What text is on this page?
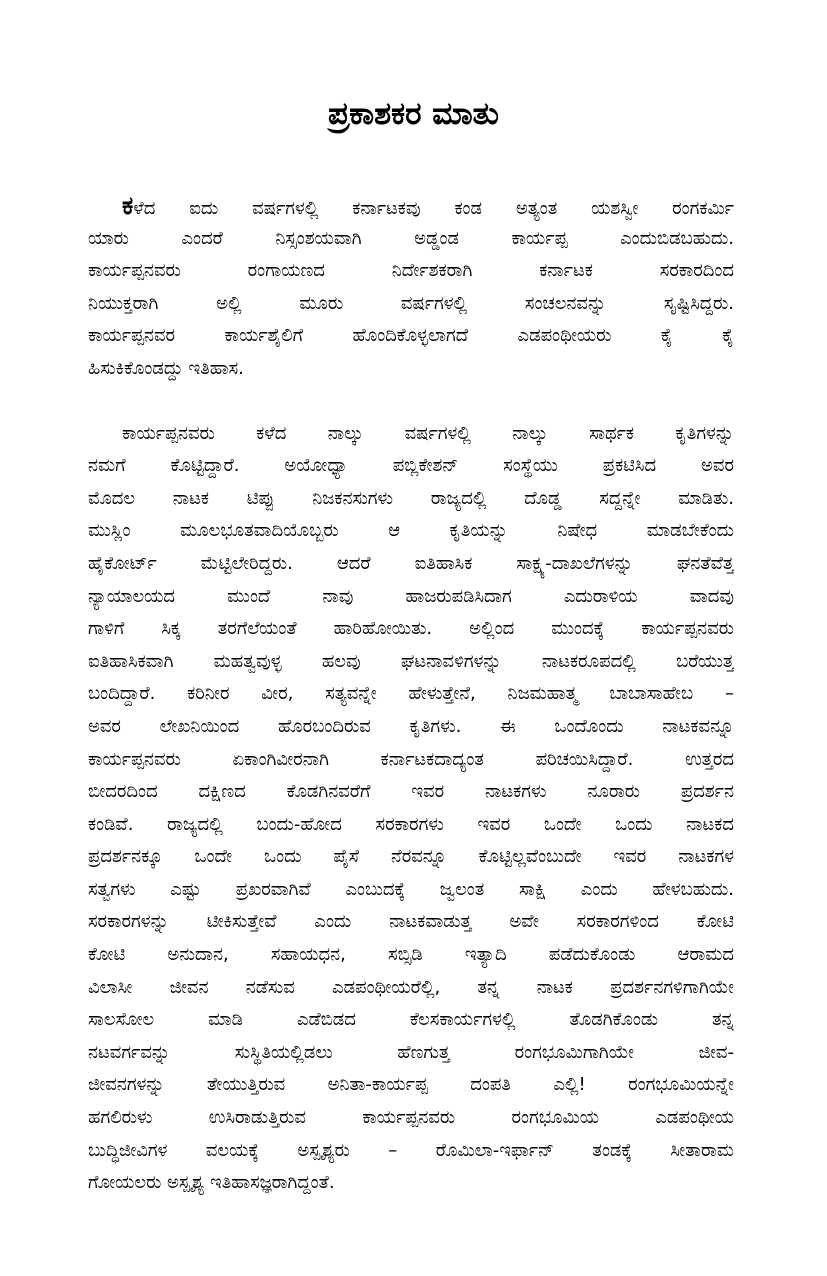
ಪ್ರಕಾಶಕರ ಮಾತು
ಕಳೆದ ಐದು ವರ್ಷಗಳಲ್ಲಿ ಕರ್ನಾಟಕವು ಕಂಡ ಅತ್ಯಂತ ಯಶಸ್ವೀ ರಂಗಕರ್ಮಿ
ಯಾರು ಎಂದರೆ ನಿಸ್ಸಂಶಯವಾಗಿ ಅಡ್ಡಂಡ ಕಾರ್ಯಪ್ಪ ಎಂದುಬಿಡಬಹುದು.
ಕಾರ್ಯಪ್ಪನವರು ರಂಗಾಯಣದ ನಿರ್ದೇಶಕರಾಗಿ ಕರ್ನಾಟಕ ಸರಕಾರದಿಂದ
ನಿಯುಕ್ತರಾಗಿ ಅಲ್ಲಿ ಮೂರು ವರ್ಷಗಳಲ್ಲಿ ಸಂಚಲನವನ್ನು ಸೃಷ್ಟಿಸಿದ್ದರು.
ಕಾರ್ಯಪ್ಪನವರ ಕಾರ್ಯಶೈಲಿಗೆ ಹೊಂದಿಕೊಳ್ಳಲಾಗದೆ ಎಡಪಂಥೀಯರು ಕೈ ಕೈ
ಹಿಸುಕಿಕೊಂಡದ್ದು ಇತಿಹಾಸ.
ಕಾರ್ಯಪ್ಪನವರು ಕಳೆದ ನಾಲ್ಕು ವರ್ಷಗಳಲ್ಲಿ ನಾಲ್ಕು ಸಾರ್ಥಕ ಕೃತಿಗಳನ್ನು
ನಮಗೆ ಕೊಟ್ಟಿದ್ದಾರೆ. ಅಯೋಧ್ಯಾ ಪಬ್ಲಿಕೇಶನ್ ಸಂಸ್ಥೆಯು ಪ್ರಕಟಿಸಿದ ಅವರ
ಮೊದಲ ನಾಟಕ ಟಿಪ್ಪು ನಿಜಕನಸುಗಳು ರಾಜ್ಯದಲ್ಲಿ ದೊಡ್ಡ ಸದ್ದನ್ನೇ ಮಾಡಿತು.
ಮುಸ್ಲಿಂ ಮೂಲಭೂತವಾದಿಯೊಬ್ಬರು ಆ ಕೃತಿಯನ್ನು ನಿಷೇಧ ಮಾಡಬೇಕೆಂದು
ಹೈಕೋರ್ಟ್ ಮೆಟ್ಟಿಲೇರಿದ್ದರು. ಆದರೆ ಐತಿಹಾಸಿಕ ಸಾಕ್ಷ್ಯ-ದಾಖಲೆಗಳನ್ನು ಘನತೆವೆತ್ತ
ನ್ಯಾಯಾಲಯದ ಮುಂದೆ ನಾವು ಹಾಜರುಪಡಿಸಿದಾಗ ಎದುರಾಳಿಯ ವಾದವು
ಗಾಳಿಗೆ ಸಿಕ್ಕ ತರಗೆಲೆಯಂತೆ ಹಾರಿಹೋಯಿತು. ಅಲ್ಲಿಂದ ಮುಂದಕ್ಕೆ ಕಾರ್ಯಪ್ಪನವರು
ಐತಿಹಾಸಿಕವಾಗಿ ಮಹತ್ವವುಳ್ಳ ಹಲವು ಘಟನಾವಳಿಗಳನ್ನು ನಾಟಕರೂಪದಲ್ಲಿ ಬರೆಯುತ್ತ
ಬಂದಿದ್ದಾರೆ. ಕರಿನೀರ ವೀರ, ಸತ್ಯವನ್ನೇ ಹೇಳುತ್ತೇನೆ, ನಿಜಮಹಾತ್ಮ ಬಾಬಾಸಾಹೇಬ –
ಅವರ ಲೇಖನಿಯಿಂದ ಹೊರಬಂದಿರುವ ಕೃತಿಗಳು. ಈ ಒಂದೊಂದು ನಾಟಕವನ್ನೂ
ಕಾರ್ಯಪ್ಪನವರು ಏಕಾಂಗಿವೀರನಾಗಿ ಕರ್ನಾಟಕದಾದ್ಯಂತ ಪರಿಚಯಿಸಿದ್ದಾರೆ. ಉತ್ತರದ
ಬೀದರದಿಂದ ದಕ್ಷಿಣದ ಕೊಡಗಿನವರೆಗೆ ಇವರ ನಾಟಕಗಳು ನೂರಾರು ಪ್ರದರ್ಶನ
ಕಂಡಿವೆ. ರಾಜ್ಯದಲ್ಲಿ ಬಂದು-ಹೋದ ಸರಕಾರಗಳು ಇವರ ಒಂದೇ ಒಂದು ನಾಟಕದ
ಪ್ರದರ್ಶನಕ್ಕೂ ಒಂದೇ ಒಂದು ಪೈಸೆ ನೆರವನ್ನೂ ಕೊಟ್ಟಿಲ್ಲವೆಂಬುದೇ ಇವರ ನಾಟಕಗಳ
ಸತ್ವಗಳು ಎಷ್ಟು ಪ್ರಖರವಾಗಿವೆ ಎಂಬುದಕ್ಕೆ ಜ್ವಲಂತ ಸಾಕ್ಷಿ ಎಂದು ಹೇಳಬಹುದು.
ಸರಕಾರಗಳನ್ನು ಟೀಕಿಸುತ್ತೇವೆ ಎಂದು ನಾಟಕವಾಡುತ್ತ ಅವೇ ಸರಕಾರಗಳಿಂದ ಕೋಟಿ
ಕೋಟಿ ಅನುದಾನ, ಸಹಾಯಧನ, ಸಬ್ಸಿಡಿ ಇತ್ಯಾದಿ ಪಡೆದುಕೊಂಡು ಆರಾಮದ
ವಿಲಾಸೀ ಜೀವನ ನಡೆಸುವ ಎಡಪಂಥೀಯರೆಲ್ಲಿ, ತನ್ನ ನಾಟಕ ಪ್ರದರ್ಶನಗಳಿಗಾಗಿಯೇ
ಸಾಲಸೋಲ ಮಾಡಿ ಎಡೆಬಿಡದ ಕೆಲಸಕಾರ್ಯಗಳಲ್ಲಿ ತೊಡಗಿಕೊಂಡು ತನ್ನ
ನಟವರ್ಗವನ್ನು ಸುಸ್ಥಿತಿಯಲ್ಲಿಡಲು ಹೆಣಗುತ್ತ ರಂಗಭೂಮಿಗಾಗಿಯೇ ಜೀವ-
ಜೀವನಗಳನ್ನು ತೇಯುತ್ತಿರುವ ಅನಿತಾ-ಕಾರ್ಯಪ್ಪ ದಂಪತಿ ಎಲ್ಲಿ! ರಂಗಭೂಮಿಯನ್ನೇ
ಹಗಲಿರುಳು ಉಸಿರಾಡುತ್ತಿರುವ ಕಾರ್ಯಪ್ಪನವರು ರಂಗಭೂಮಿಯ ಎಡಪಂಥೀಯ
ಬುದ್ಧಿಜೀವಿಗಳ ವಲಯಕ್ಕೆ ಅಸ್ಪೃಶ್ಯರು – ರೊಮಿಲಾ-ಇರ್ಫಾನ್ ತಂಡಕ್ಕೆ ಸೀತಾರಾಮ
ಗೋಯಲರು ಅಸ್ಪೃಶ್ಯ ಇತಿಹಾಸಜ್ಞರಾಗಿದ್ದಂತೆ.
